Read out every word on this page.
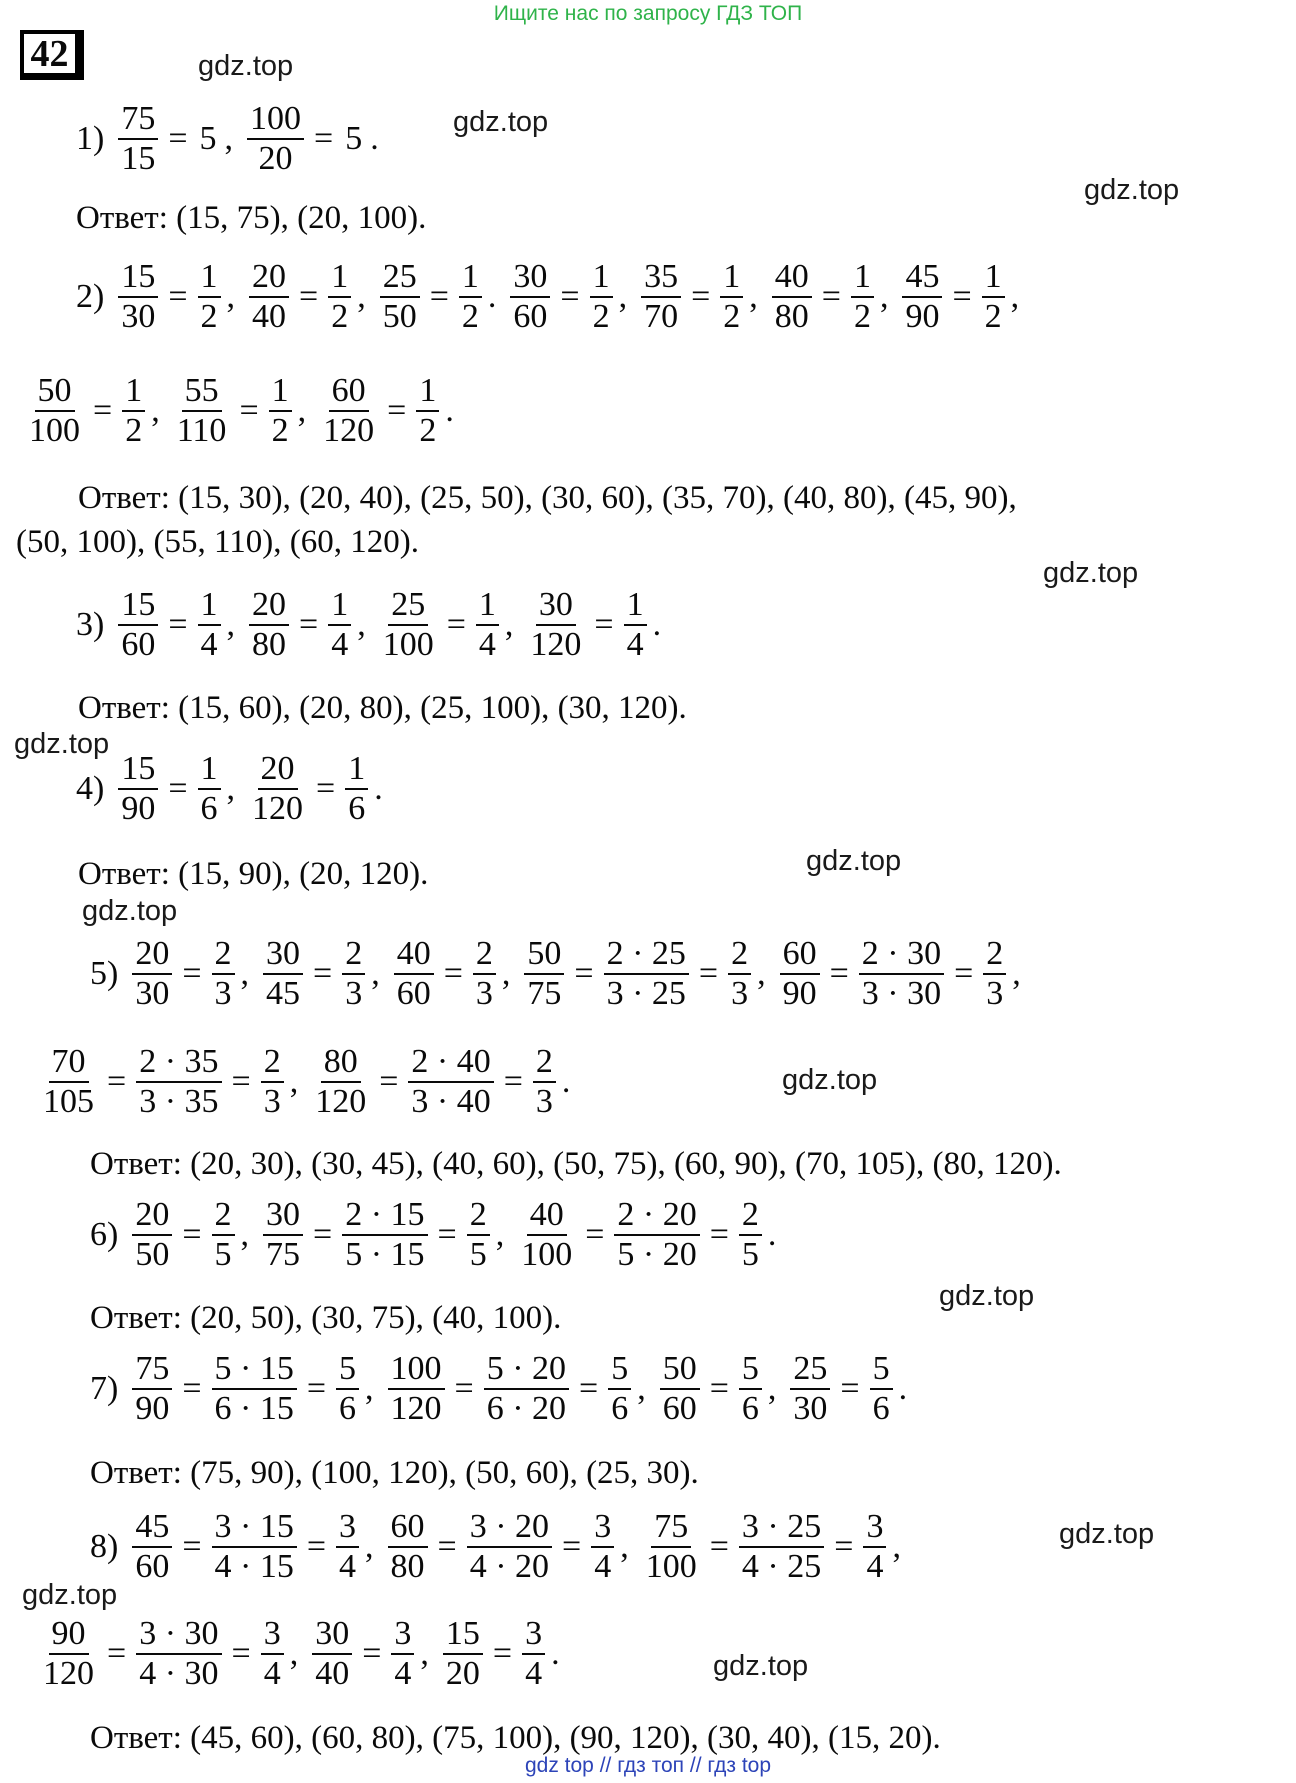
Ищите нас по запросу ГДЗ ТОП
42	gdz.top
gdz.top
gdz.top
gdz.top
gdz.top
gdz.top
gdz.top
gdz.top
gdz.top
gdz.top
gdz.top
gdz.top
$1) \frac{75}{15} = 5$ , $\frac{100}{20} = 5$ .
Ответ: (15, 75), (20, 100).
$2) \frac{15}{30} = \frac{1}{2}$ , $\frac{20}{40} = \frac{1}{2}$ , $\frac{25}{50} = \frac{1}{2}$ . $\frac{30}{60} = \frac{1}{2}$ , $\frac{35}{70} = \frac{1}{2}$ , $\frac{40}{80} = \frac{1}{2}$ , $\frac{45}{90} = \frac{1}{2}$ ,
$\frac{50}{100} = \frac{1}{2}$ , $\frac{55}{110} = \frac{1}{2}$ , $\frac{60}{120} = \frac{1}{2}$ .
Ответ: (15, 30), (20, 40), (25, 50), (30, 60), (35, 70), (40, 80), (45, 90),
(50, 100), (55, 110), (60, 120).
$3) \frac{15}{60} = \frac{1}{4}$ , $\frac{20}{80} = \frac{1}{4}$ , $\frac{25}{100} = \frac{1}{4}$ , $\frac{30}{120} = \frac{1}{4}$ .
Ответ: (15, 60), (20, 80), (25, 100), (30, 120).
$4) \frac{15}{90} = \frac{1}{6}$ , $\frac{20}{120} = \frac{1}{6}$ .
Ответ: (15, 90), (20, 120).
$5) \frac{20}{30} = \frac{2}{3}$ , $\frac{30}{45} = \frac{2}{3}$ , $\frac{40}{60} = \frac{2}{3}$ , $\frac{50}{75} = \frac{2 \cdot 25}{3 \cdot 25} = \frac{2}{3}$ , $\frac{60}{90} = \frac{2 \cdot 30}{3 \cdot 30} = \frac{2}{3}$ ,
$\frac{70}{105} = \frac{2 \cdot 35}{3 \cdot 35} = \frac{2}{3}$ , $\frac{80}{120} = \frac{2 \cdot 40}{3 \cdot 40} = \frac{2}{3}$ .
Ответ: (20, 30), (30, 45), (40, 60), (50, 75), (60, 90), (70, 105), (80, 120).
$6) \frac{20}{50} = \frac{2}{5}$ , $\frac{30}{75} = \frac{2 \cdot 15}{5 \cdot 15} = \frac{2}{5}$ , $\frac{40}{100} = \frac{2 \cdot 20}{5 \cdot 20} = \frac{2}{5}$ .
Ответ: (20, 50), (30, 75), (40, 100).
$7) \frac{75}{90} = \frac{5 \cdot 15}{6 \cdot 15} = \frac{5}{6}$ , $\frac{100}{120} = \frac{5 \cdot 20}{6 \cdot 20} = \frac{5}{6}$ , $\frac{50}{60} = \frac{5}{6}$ , $\frac{25}{30} = \frac{5}{6}$ .
Ответ: (75, 90), (100, 120), (50, 60), (25, 30).
$8) \frac{45}{60} = \frac{3 \cdot 15}{4 \cdot 15} = \frac{3}{4}$ , $\frac{60}{80} = \frac{3 \cdot 20}{4 \cdot 20} = \frac{3}{4}$ , $\frac{75}{100} = \frac{3 \cdot 25}{4 \cdot 25} = \frac{3}{4}$ ,
$\frac{90}{120} = \frac{3 \cdot 30}{4 \cdot 30} = \frac{3}{4}$ , $\frac{30}{40} = \frac{3}{4}$ , $\frac{15}{20} = \frac{3}{4}$ .
Ответ: (45, 60), (60, 80), (75, 100), (90, 120), (30, 40), (15, 20).
gdz top // гдз топ // гдз top
